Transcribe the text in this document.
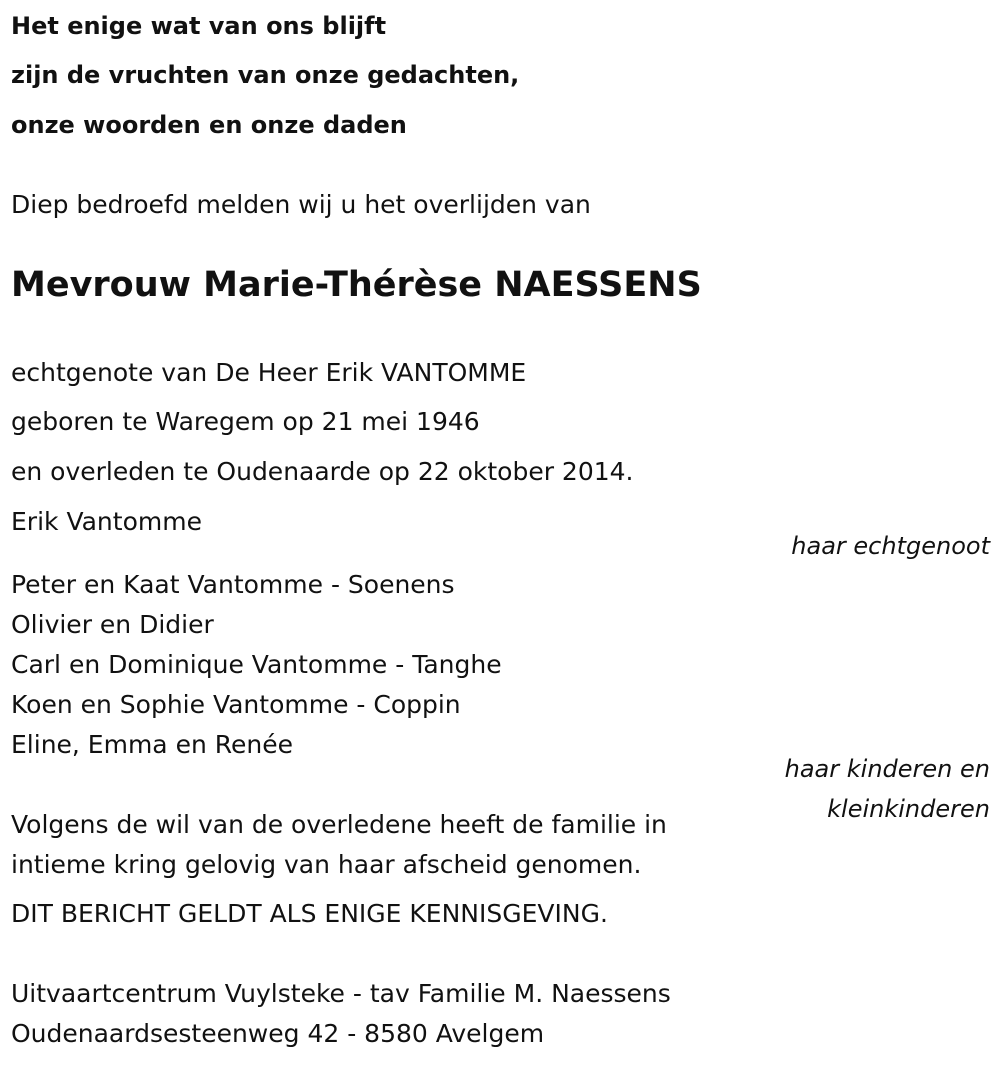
Het enige wat van ons blijft
zijn de vruchten van onze gedachten,
onze woorden en onze daden
Diep bedroefd melden wij u het overlijden van
Mevrouw Marie-Thérèse NAESSENS
echtgenote van De Heer Erik VANTOMME
geboren te Waregem op 21 mei 1946
en overleden te Oudenaarde op 22 oktober 2014.
Erik Vantomme
haar echtgenoot
Peter en Kaat Vantomme - Soenens
Olivier en Didier
Carl en Dominique Vantomme - Tanghe
Koen en Sophie Vantomme - Coppin
Eline, Emma en Renée
haar kinderen en
kleinkinderen
Volgens de wil van de overledene heeft de familie in
intieme kring gelovig van haar afscheid genomen.
DIT BERICHT GELDT ALS ENIGE KENNISGEVING.
Uitvaartcentrum Vuylsteke - tav Familie M. Naessens
Oudenaardsesteenweg 42 - 8580 Avelgem
